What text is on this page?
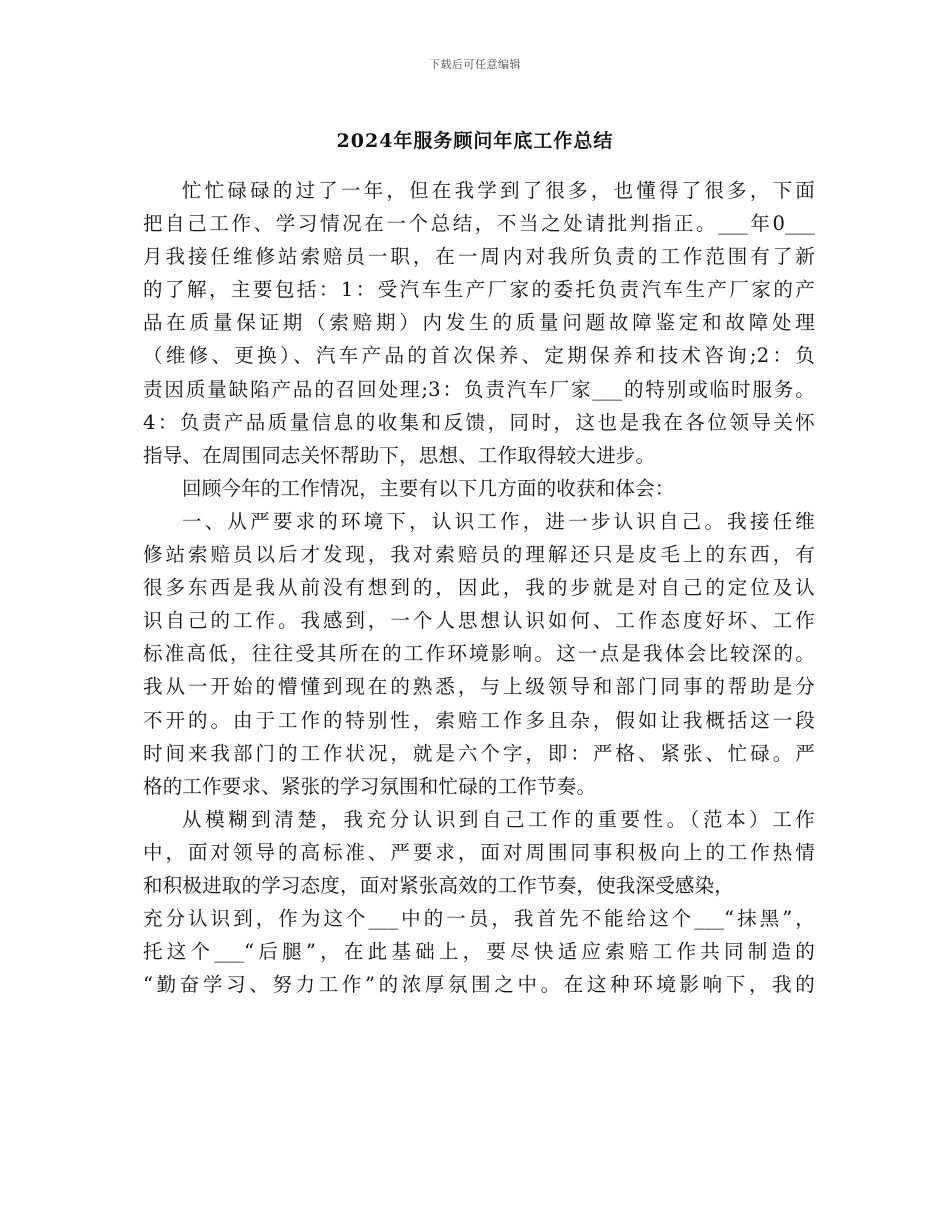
下载后可任意编辑
2024年服务顾问年底工作总结
忙忙碌碌的过了一年，但在我学到了很多，也懂得了很多，下面
把自己工作、学习情况在一个总结，不当之处请批判指正。___年0___
月我接任维修站索赔员一职，在一周内对我所负责的工作范围有了新
的了解，主要包括：1：受汽车生产厂家的委托负责汽车生产厂家的产
品在质量保证期（索赔期）内发生的质量问题故障鉴定和故障处理
（维修、更换）、汽车产品的首次保养、定期保养和技术咨询;2：负
责因质量缺陷产品的召回处理;3：负责汽车厂家___的特别或临时服务。
4：负责产品质量信息的收集和反馈，同时，这也是我在各位领导关怀
指导、在周围同志关怀帮助下，思想、工作取得较大进步。
回顾今年的工作情况，主要有以下几方面的收获和体会：
一、从严要求的环境下，认识工作，进一步认识自己。我接任维
修站索赔员以后才发现，我对索赔员的理解还只是皮毛上的东西，有
很多东西是我从前没有想到的，因此，我的步就是对自己的定位及认
识自己的工作。我感到，一个人思想认识如何、工作态度好坏、工作
标准高低，往往受其所在的工作环境影响。这一点是我体会比较深的。
我从一开始的懵懂到现在的熟悉，与上级领导和部门同事的帮助是分
不开的。由于工作的特别性，索赔工作多且杂，假如让我概括这一段
时间来我部门的工作状况，就是六个字，即：严格、紧张、忙碌。严
格的工作要求、紧张的学习氛围和忙碌的工作节奏。
从模糊到清楚，我充分认识到自己工作的重要性。（范本）工作
中，面对领导的高标准、严要求，面对周围同事积极向上的工作热情
和积极进取的学习态度，面对紧张高效的工作节奏，使我深受感染，
充分认识到，作为这个___中的一员，我首先不能给这个___“抹黑”，
托这个___“后腿”，在此基础上，要尽快适应索赔工作共同制造的
“勤奋学习、努力工作”的浓厚氛围之中。在这种环境影响下，我的
